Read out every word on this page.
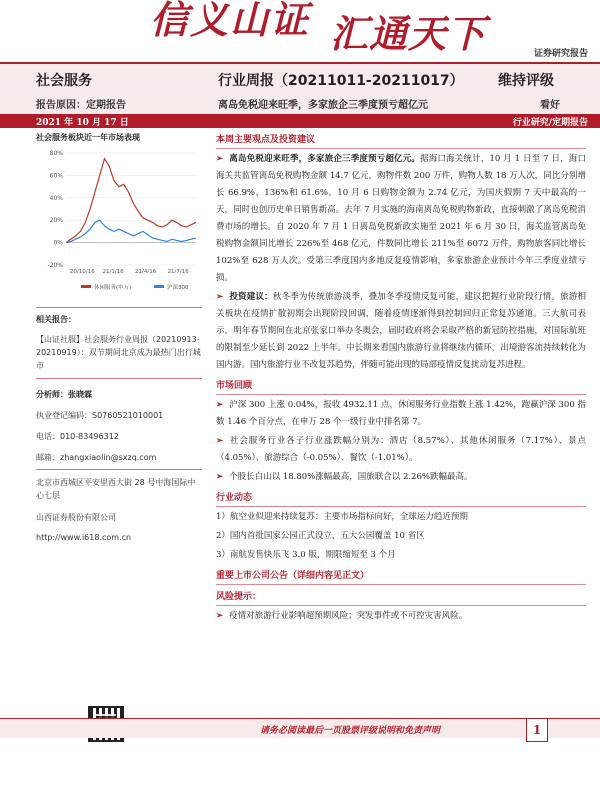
信义山证 汇通天下	证券研究报告
社会服务	行业周报（20211011-20211017） 维持评级
报告原因：定期报告	离岛免税迎来旺季，多家旅企三季度预亏超亿元	看好
2021 年 10 月 17 日	行业研究/定期报告
社会服务板块近一年市场表现
80%
60%
40%
20%
0%
-20%
20/10/16 21/1/16 21/4/16 21/7/16
休闲服务(申万)	沪深300
相关报告：
【山证社服】社会服务行业周报（20210913-20210919）：双节期间北京成为最热门出行城市
分析师：张晓霖
执业登记编码：S0760521010001
电话：010-83496312
邮箱：zhangxiaolin@sxzq.com
北京市西城区平安里西大街 28 号中海国际中心七层
山西证券股份有限公司
http://www.i618.com.cn
本周主要观点及投资建议
➢ 离岛免税迎来旺季，多家旅企三季度预亏超亿元。据海口海关统计，10 月 1 日至 7 日，海口海关共监管离岛免税购物金额 14.7 亿元，购物件数 200 万件，购物人数 18 万人次，同比分别增长 66.9%、136%和 61.6%。10 月 6 日购物金额为 2.74 亿元，为国庆假期 7 天中最高的一天，同时也创历史单日销售新高。去年 7 月实施的海南离岛免税购物新政，直接刺激了离岛免税消费市场的增长。自 2020 年 7 月 1 日离岛免税新政实施至 2021 年 6 月 30 日，海关监管离岛免税购物金额同比增长 226%至 468 亿元，件数同比增长 211%至 6072 万件，购物旅客同比增长 102%至 628 万人次。受第三季度国内多地反复疫情影响，多家旅游企业预计今年三季度业绩亏损。
➢ 投资建议：秋冬季为传统旅游淡季，叠加冬季疫情反复可能，建议把握行业阶段行情。旅游相关板块在疫情扩散初期会出现阶段回调，随着疫情逐渐得到控制回归正常复苏通道。三大航司表示，明年春节期间在北京张家口举办冬奥会，届时政府将会采取严格的新冠防控措施，对国际航班的限制至少延长到 2022 上半年。中长期来看国内旅游行业将继续内循环，出境游客流持续转化为国内游。国内旅游行业不改复苏趋势，伴随可能出现的局部疫情反复扰动复苏进程。
市场回顾
➢ 沪深 300 上涨 0.04%，报收 4932.11 点，休闲服务行业指数上涨 1.42%，跑赢沪深 300 指数 1.46 个百分点，在申万 28 个一级行业中排名第 7。
➢ 社会服务行业各子行业涨跌幅分别为：酒店（8.57%）、其他休闲服务（7.17%）、景点（4.05%）、旅游综合（-0.05%）、餐饮（-1.01%）。
➢ 个股长白山以 18.80%涨幅最高，国旅联合以 2.26%跌幅最高。
行业动态
1）航空业似迎来持续复苏：主要市场指标向好，全球运力趋近预期
2）国内首批国家公园正式设立，五大公园覆盖 10 省区
3）南航发售快乐飞 3.0 版，期限缩短至 3 个月
重要上市公司公告（详细内容见正文）
风险提示：
➢ 疫情对旅游行业影响超预期风险；突发事件或不可控灾害风险。
请务必阅读最后一页股票评级说明和免责声明	1
